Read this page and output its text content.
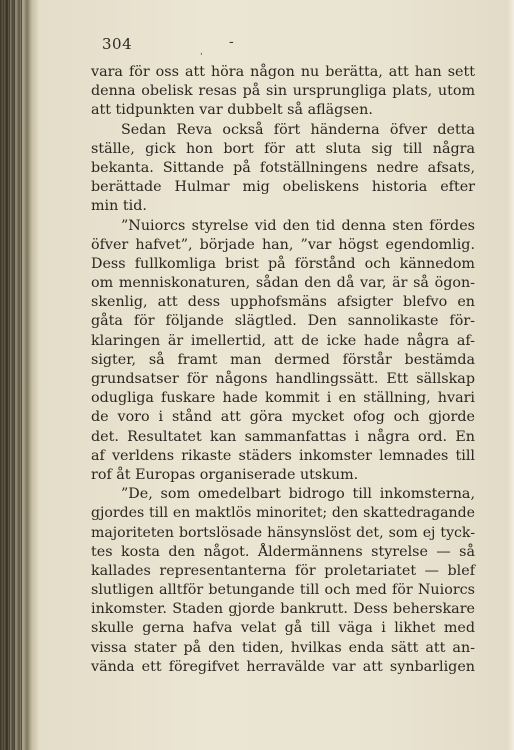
304	-
ˈ
vara för oss att höra någon nu berätta, att han sett
denna obelisk resas på sin ursprungliga plats, utom
att tidpunkten var dubbelt så aflägsen.
Sedan Reva också fört händerna öfver detta
ställe, gick hon bort för att sluta sig till några
bekanta. Sittande på fotställningens nedre afsats,
berättade Hulmar mig obeliskens historia efter
min tid.
”Nuiorcs styrelse vid den tid denna sten fördes
öfver hafvet”, började han, ”var högst egendomlig.
Dess fullkomliga brist på förstånd och kännedom
om menniskonaturen, sådan den då var, är så ögon-
skenlig, att dess upphofsmäns afsigter blefvo en
gåta för följande slägtled. Den sannolikaste för-
klaringen är imellertid, att de icke hade några af-
sigter, så framt man dermed förstår bestämda
grundsatser för någons handlingssätt. Ett sällskap
odugliga fuskare hade kommit i en ställning, hvari
de voro i stånd att göra mycket ofog och gjorde
det. Resultatet kan sammanfattas i några ord. En
af verldens rikaste städers inkomster lemnades till
rof åt Europas organiserade utskum.
”De, som omedelbart bidrogo till inkomsterna,
gjordes till en maktlös minoritet; den skattedragande
majoriteten bortslösade hänsynslöst det, som ej tyck-
tes kosta den något. Åldermännens styrelse — så
kallades representanterna för proletariatet — blef
slutligen alltför betungande till och med för Nuiorcs
inkomster. Staden gjorde bankrutt. Dess beherskare
skulle gerna hafva velat gå till väga i likhet med
vissa stater på den tiden, hvilkas enda sätt att an-
vända ett föregifvet herravälde var att synbarligen
